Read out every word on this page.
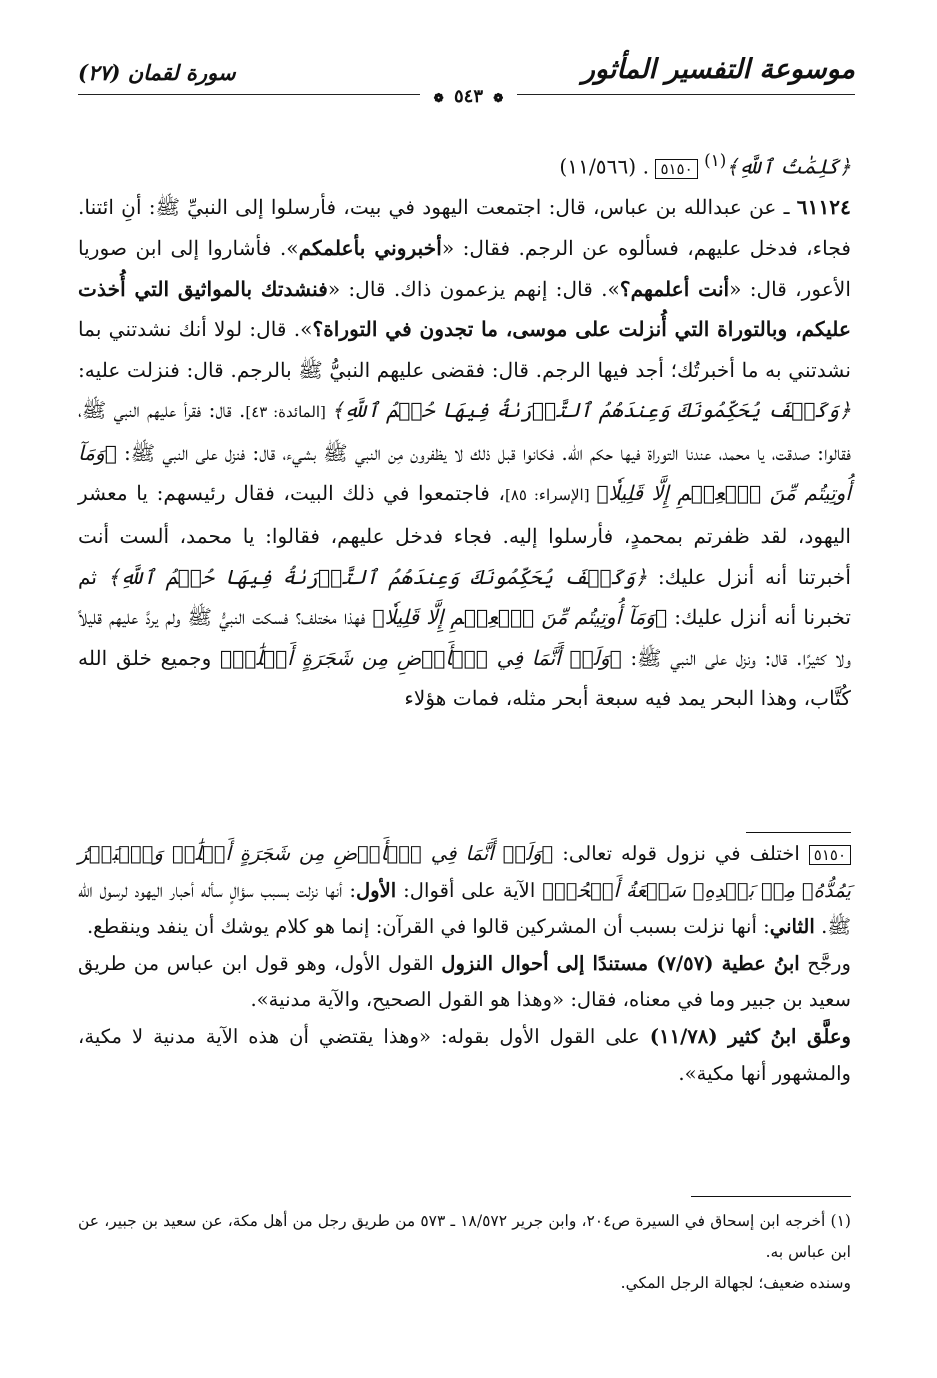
سورة لقمان (٢٧)	موسوعة التفسير المأثور
❁ ٥٤٣ ❁

﴿كَلِمَٰتُ ٱللَّهِ﴾$^{(١)}$ ٥١٥٠ . (١١/٥٦٦)

٦١١٢٤ ـ عن عبدالله بن عباس، قال: اجتمعت اليهود في بيت، فأرسلوا إلى النبيِّ ﷺ: أنِ ائتنا. فجاء، فدخل عليهم، فسألوه عن الرجم. فقال: «أخبروني بأعلمكم». فأشاروا إلى ابن صوريا الأعور، قال: «أنت أعلمهم؟». قال: إنهم يزعمون ذاك. قال: «فنشدتك بالمواثيق التي أُخذت عليكم، وبالتوراة التي أُنزلت على موسى، ما تجدون في التوراة؟». قال: لولا أنك نشدتني بما نشدتني به ما أخبرتُك؛ أجد فيها الرجم. قال: فقضى عليهم النبيُّ ﷺ بالرجم. قال: فنزلت عليه: ﴿وَكَيۡفَ يُحَكِّمُونَكَ وَعِندَهُمُ ٱلتَّوۡرَىٰةُ فِيهَا حُكۡمُ ٱللَّهِ﴾ [المائدة: ٤٣]. قال: فقرأ عليهم النبي ﷺ، فقالوا: صدقت، يا محمد، عندنا التوراة فيها حكم الله. فكانوا قبل ذلك لا يظفرون مِن النبي ﷺ بشيء، قال: فنزل على النبي ﷺ: ﴿وَمَآ أُوتِيتُم مِّنَ ٱلۡعِلۡمِ إِلَّا قَلِيلٗا﴾ [الإسراء: ٨٥]، فاجتمعوا في ذلك البيت، فقال رئيسهم: يا معشر اليهود، لقد ظفرتم بمحمدٍ، فأرسلوا إليه. فجاء فدخل عليهم، فقالوا: يا محمد، ألست أنت أخبرتنا أنه أنزل عليك: ﴿وَكَيۡفَ يُحَكِّمُونَكَ وَعِندَهُمُ ٱلتَّوۡرَىٰةُ فِيهَا حُكۡمُ ٱللَّهِ﴾ ثم تخبرنا أنه أنزل عليك: ﴿وَمَآ أُوتِيتُم مِّنَ ٱلۡعِلۡمِ إِلَّا قَلِيلٗا﴾ فهذا مختلف؟ فسكت النبيُّ ﷺ ولم يردَّ عليهم قليلاً ولا كثيرًا. قال: ونزل على النبي ﷺ: ﴿وَلَوۡ أَنَّمَا فِي ٱلۡأَرۡضِ مِن شَجَرَةٍ أَقۡلَٰمٞ﴾ وجميع خلق الله كُتَّاب، وهذا البحر يمد فيه سبعة أبحر مثله، فمات هؤلاء

٥١٥٠ اختلف في نزول قوله تعالى: ﴿وَلَوۡ أَنَّمَا فِي ٱلۡأَرۡضِ مِن شَجَرَةٍ أَقۡلَٰمٞ وَٱلۡبَحۡرُ يَمُدُّهُۥ مِنۢ بَعۡدِهِۦ سَبۡعَةُ أَبۡحُرٖ﴾ الآية على أقوال: الأول: أنها نزلت بسبب سؤالٍ سأله أحبار اليهود لرسول الله ﷺ. الثاني: أنها نزلت بسبب أن المشركين قالوا في القرآن: إنما هو كلام يوشك أن ينفد وينقطع.

ورجَّح ابنُ عطية (٧/٥٧) مستندًا إلى أحوال النزول القول الأول، وهو قول ابن عباس من طريق سعيد بن جبير وما في معناه، فقال: «وهذا هو القول الصحيح، والآية مدنية».

وعلَّق ابنُ كثير (١١/٧٨) على القول الأول بقوله: «وهذا يقتضي أن هذه الآية مدنية لا مكية، والمشهور أنها مكية».

(١) أخرجه ابن إسحاق في السيرة ص٢٠٤، وابن جرير ١٨/٥٧٢ ـ ٥٧٣ من طريق رجل من أهل مكة، عن سعيد بن جبير، عن ابن عباس به.

وسنده ضعيف؛ لجهالة الرجل المكي.
